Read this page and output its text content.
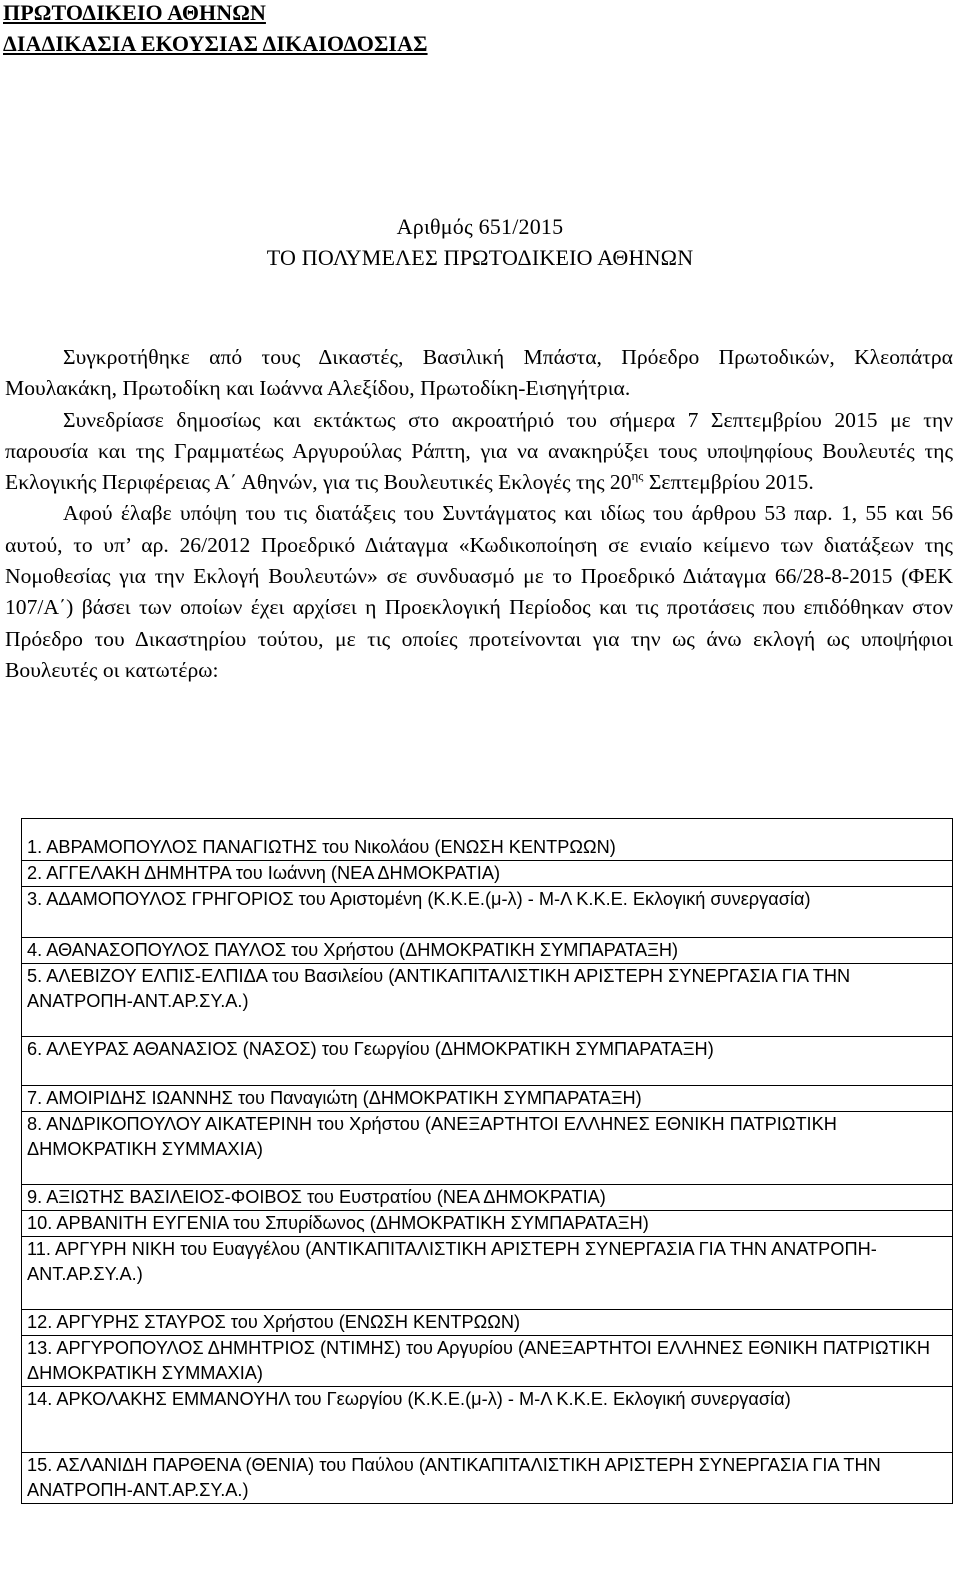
ΠΡΩΤΟΔΙΚΕΙΟ ΑΘΗΝΩΝ

ΔΙΑΔΙΚΑΣΙΑ ΕΚΟΥΣΙΑΣ ΔΙΚΑΙΟΔΟΣΙΑΣ

Αριθμός 651/2015

ΤΟ ΠΟΛΥΜΕΛΕΣ ΠΡΩΤΟΔΙΚΕΙΟ ΑΘΗΝΩΝ

Συγκροτήθηκε από τους Δικαστές, Βασιλική Μπάστα, Πρόεδρο Πρωτοδικών, Κλεοπάτρα Μουλακάκη, Πρωτοδίκη και Ιωάννα Αλεξίδου, Πρωτοδίκη-Εισηγήτρια.

Συνεδρίασε δημοσίως και εκτάκτως στο ακροατήριό του σήμερα 7 Σεπτεμβρίου 2015 με την παρουσία και της Γραμματέως Αργυρούλας Ράπτη, για να ανακηρύξει τους υποψηφίους Βουλευτές της Εκλογικής Περιφέρειας Α΄ Αθηνών, για τις Βουλευτικές Εκλογές της $20^{\eta\varsigma}$ Σεπτεμβρίου 2015.

Αφού έλαβε υπόψη του τις διατάξεις του Συντάγματος και ιδίως του άρθρου 53 παρ. 1, 55 και 56 αυτού, το υπ’ αρ. 26/2012 Προεδρικό Διάταγμα «Κωδικοποίηση σε ενιαίο κείμενο των διατάξεων της Νομοθεσίας για την Εκλογή Βουλευτών» σε συνδυασμό με το Προεδρικό Διάταγμα 66/28-8-2015 (ΦΕΚ 107/Α΄) βάσει των οποίων έχει αρχίσει η Προεκλογική Περίοδος και τις προτάσεις που επιδόθηκαν στον Πρόεδρο του Δικαστηρίου τούτου, με τις οποίες προτείνονται για την ως άνω εκλογή ως υποψήφιοι Βουλευτές οι κατωτέρω:

1. ΑΒΡΑΜΟΠΟΥΛΟΣ ΠΑΝΑΓΙΩΤΗΣ του Νικολάου (ΕΝΩΣΗ ΚΕΝΤΡΩΩΝ)
2. ΑΓΓΕΛΑΚΗ ΔΗΜΗΤΡΑ του Ιωάννη (ΝΕΑ ΔΗΜΟΚΡΑΤΙΑ)
3. ΑΔΑΜΟΠΟΥΛΟΣ ΓΡΗΓΟΡΙΟΣ του Αριστομένη (Κ.Κ.Ε.(μ-λ) - Μ-Λ Κ.Κ.Ε. Εκλογική συνεργασία)
4. ΑΘΑΝΑΣΟΠΟΥΛΟΣ ΠΑΥΛΟΣ του Χρήστου (ΔΗΜΟΚΡΑΤΙΚΗ ΣΥΜΠΑΡΑΤΑΞΗ)
5. ΑΛΕΒΙΖΟΥ ΕΛΠΙΣ-ΕΛΠΙΔΑ του Βασιλείου (ΑΝΤΙΚΑΠΙΤΑΛΙΣΤΙΚΗ ΑΡΙΣΤΕΡΗ ΣΥΝΕΡΓΑΣΙΑ ΓΙΑ ΤΗΝ ΑΝΑΤΡΟΠΗ-ΑΝΤ.ΑΡ.ΣΥ.Α.)
6. ΑΛΕΥΡΑΣ ΑΘΑΝΑΣΙΟΣ (ΝΑΣΟΣ) του Γεωργίου (ΔΗΜΟΚΡΑΤΙΚΗ ΣΥΜΠΑΡΑΤΑΞΗ)
7. ΑΜΟΙΡΙΔΗΣ ΙΩΑΝΝΗΣ του Παναγιώτη (ΔΗΜΟΚΡΑΤΙΚΗ ΣΥΜΠΑΡΑΤΑΞΗ)
8. ΑΝΔΡΙΚΟΠΟΥΛΟΥ ΑΙΚΑΤΕΡΙΝΗ του Χρήστου (ΑΝΕΞΑΡΤΗΤΟΙ ΕΛΛΗΝΕΣ ΕΘΝΙΚΗ ΠΑΤΡΙΩΤΙΚΗ ΔΗΜΟΚΡΑΤΙΚΗ ΣΥΜΜΑΧΙΑ)
9. ΑΞΙΩΤΗΣ ΒΑΣΙΛΕΙΟΣ-ΦΟΙΒΟΣ του Ευστρατίου (ΝΕΑ ΔΗΜΟΚΡΑΤΙΑ)
10. ΑΡΒΑΝΙΤΗ ΕΥΓΕΝΙΑ του Σπυρίδωνος (ΔΗΜΟΚΡΑΤΙΚΗ ΣΥΜΠΑΡΑΤΑΞΗ)
11. ΑΡΓΥΡΗ ΝΙΚΗ του Ευαγγέλου (ΑΝΤΙΚΑΠΙΤΑΛΙΣΤΙΚΗ ΑΡΙΣΤΕΡΗ ΣΥΝΕΡΓΑΣΙΑ ΓΙΑ ΤΗΝ ΑΝΑΤΡΟΠΗ-ΑΝΤ.ΑΡ.ΣΥ.Α.)
12. ΑΡΓΥΡΗΣ ΣΤΑΥΡΟΣ του Χρήστου (ΕΝΩΣΗ ΚΕΝΤΡΩΩΝ)
13. ΑΡΓΥΡΟΠΟΥΛΟΣ ΔΗΜΗΤΡΙΟΣ (ΝΤΙΜΗΣ) του Αργυρίου (ΑΝΕΞΑΡΤΗΤΟΙ ΕΛΛΗΝΕΣ ΕΘΝΙΚΗ ΠΑΤΡΙΩΤΙΚΗ ΔΗΜΟΚΡΑΤΙΚΗ ΣΥΜΜΑΧΙΑ)
14. ΑΡΚΟΛΑΚΗΣ ΕΜΜΑΝΟΥΗΛ του Γεωργίου (Κ.Κ.Ε.(μ-λ) - Μ-Λ Κ.Κ.Ε. Εκλογική συνεργασία)
15. ΑΣΛΑΝΙΔΗ ΠΑΡΘΕΝΑ (ΘΕΝΙΑ) του Παύλου (ΑΝΤΙΚΑΠΙΤΑΛΙΣΤΙΚΗ ΑΡΙΣΤΕΡΗ ΣΥΝΕΡΓΑΣΙΑ ΓΙΑ ΤΗΝ ΑΝΑΤΡΟΠΗ-ΑΝΤ.ΑΡ.ΣΥ.Α.)
